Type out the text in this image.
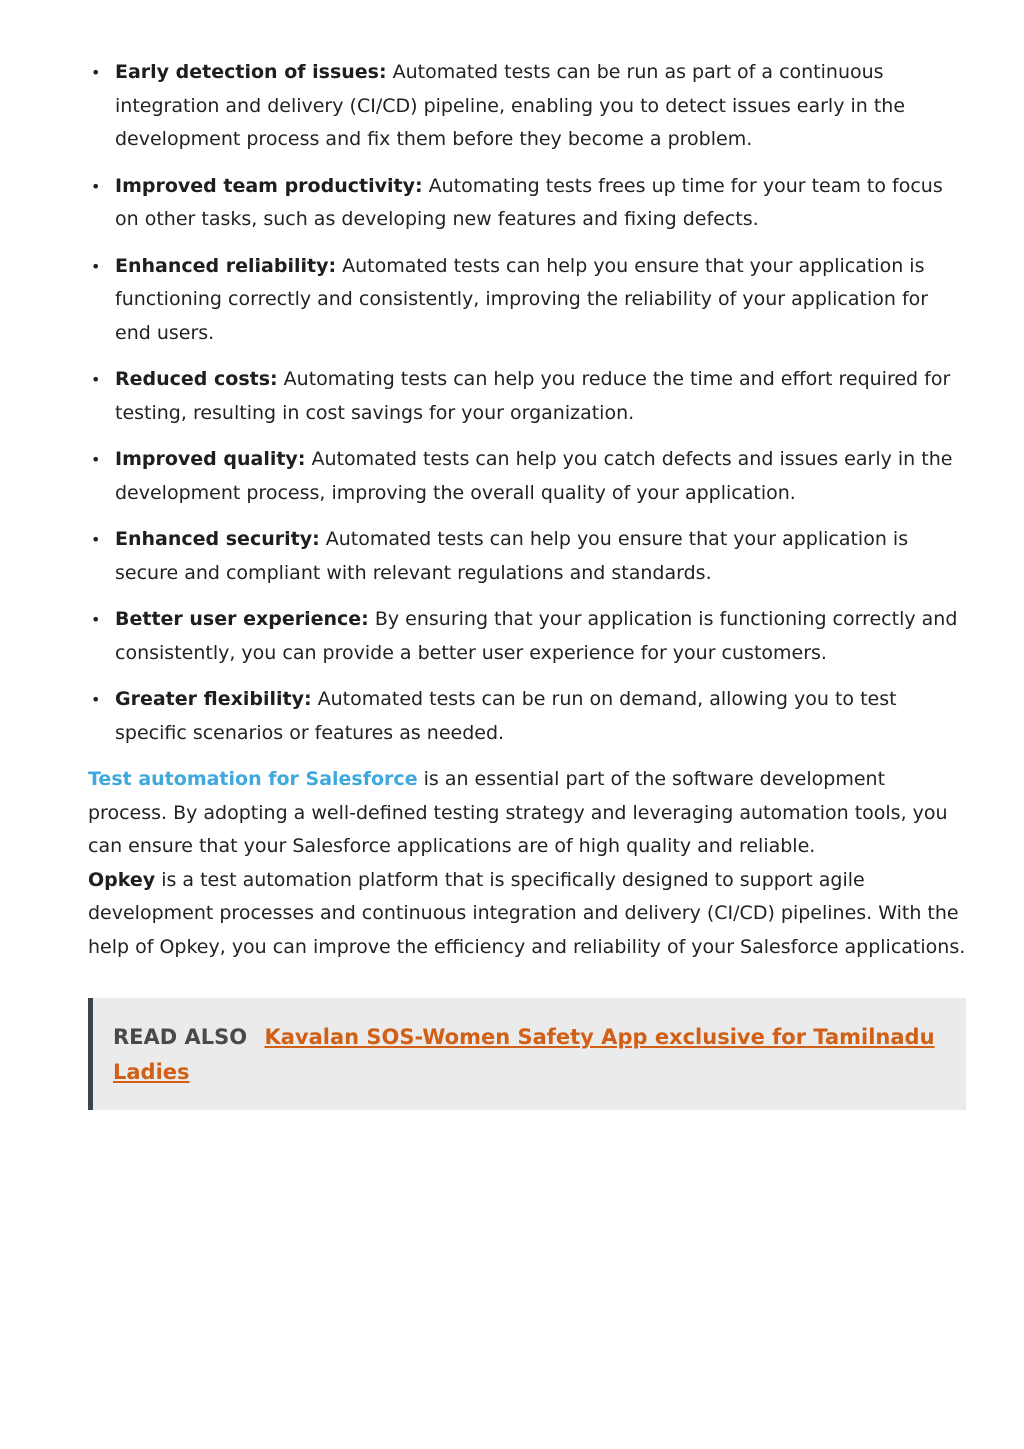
• Early detection of issues: Automated tests can be run as part of a continuous integration and delivery (CI/CD) pipeline, enabling you to detect issues early in the development process and fix them before they become a problem.
• Improved team productivity: Automating tests frees up time for your team to focus on other tasks, such as developing new features and fixing defects.
• Enhanced reliability: Automated tests can help you ensure that your application is functioning correctly and consistently, improving the reliability of your application for end users.
• Reduced costs: Automating tests can help you reduce the time and effort required for testing, resulting in cost savings for your organization.
• Improved quality: Automated tests can help you catch defects and issues early in the development process, improving the overall quality of your application.
• Enhanced security: Automated tests can help you ensure that your application is secure and compliant with relevant regulations and standards.
• Better user experience: By ensuring that your application is functioning correctly and consistently, you can provide a better user experience for your customers.
• Greater flexibility: Automated tests can be run on demand, allowing you to test specific scenarios or features as needed.

Test automation for Salesforce is an essential part of the software development process. By adopting a well-defined testing strategy and leveraging automation tools, you can ensure that your Salesforce applications are of high quality and reliable.

Opkey is a test automation platform that is specifically designed to support agile development processes and continuous integration and delivery (CI/CD) pipelines. With the help of Opkey, you can improve the efficiency and reliability of your Salesforce applications.

READ ALSO Kavalan SOS-Women Safety App exclusive for Tamilnadu Ladies
